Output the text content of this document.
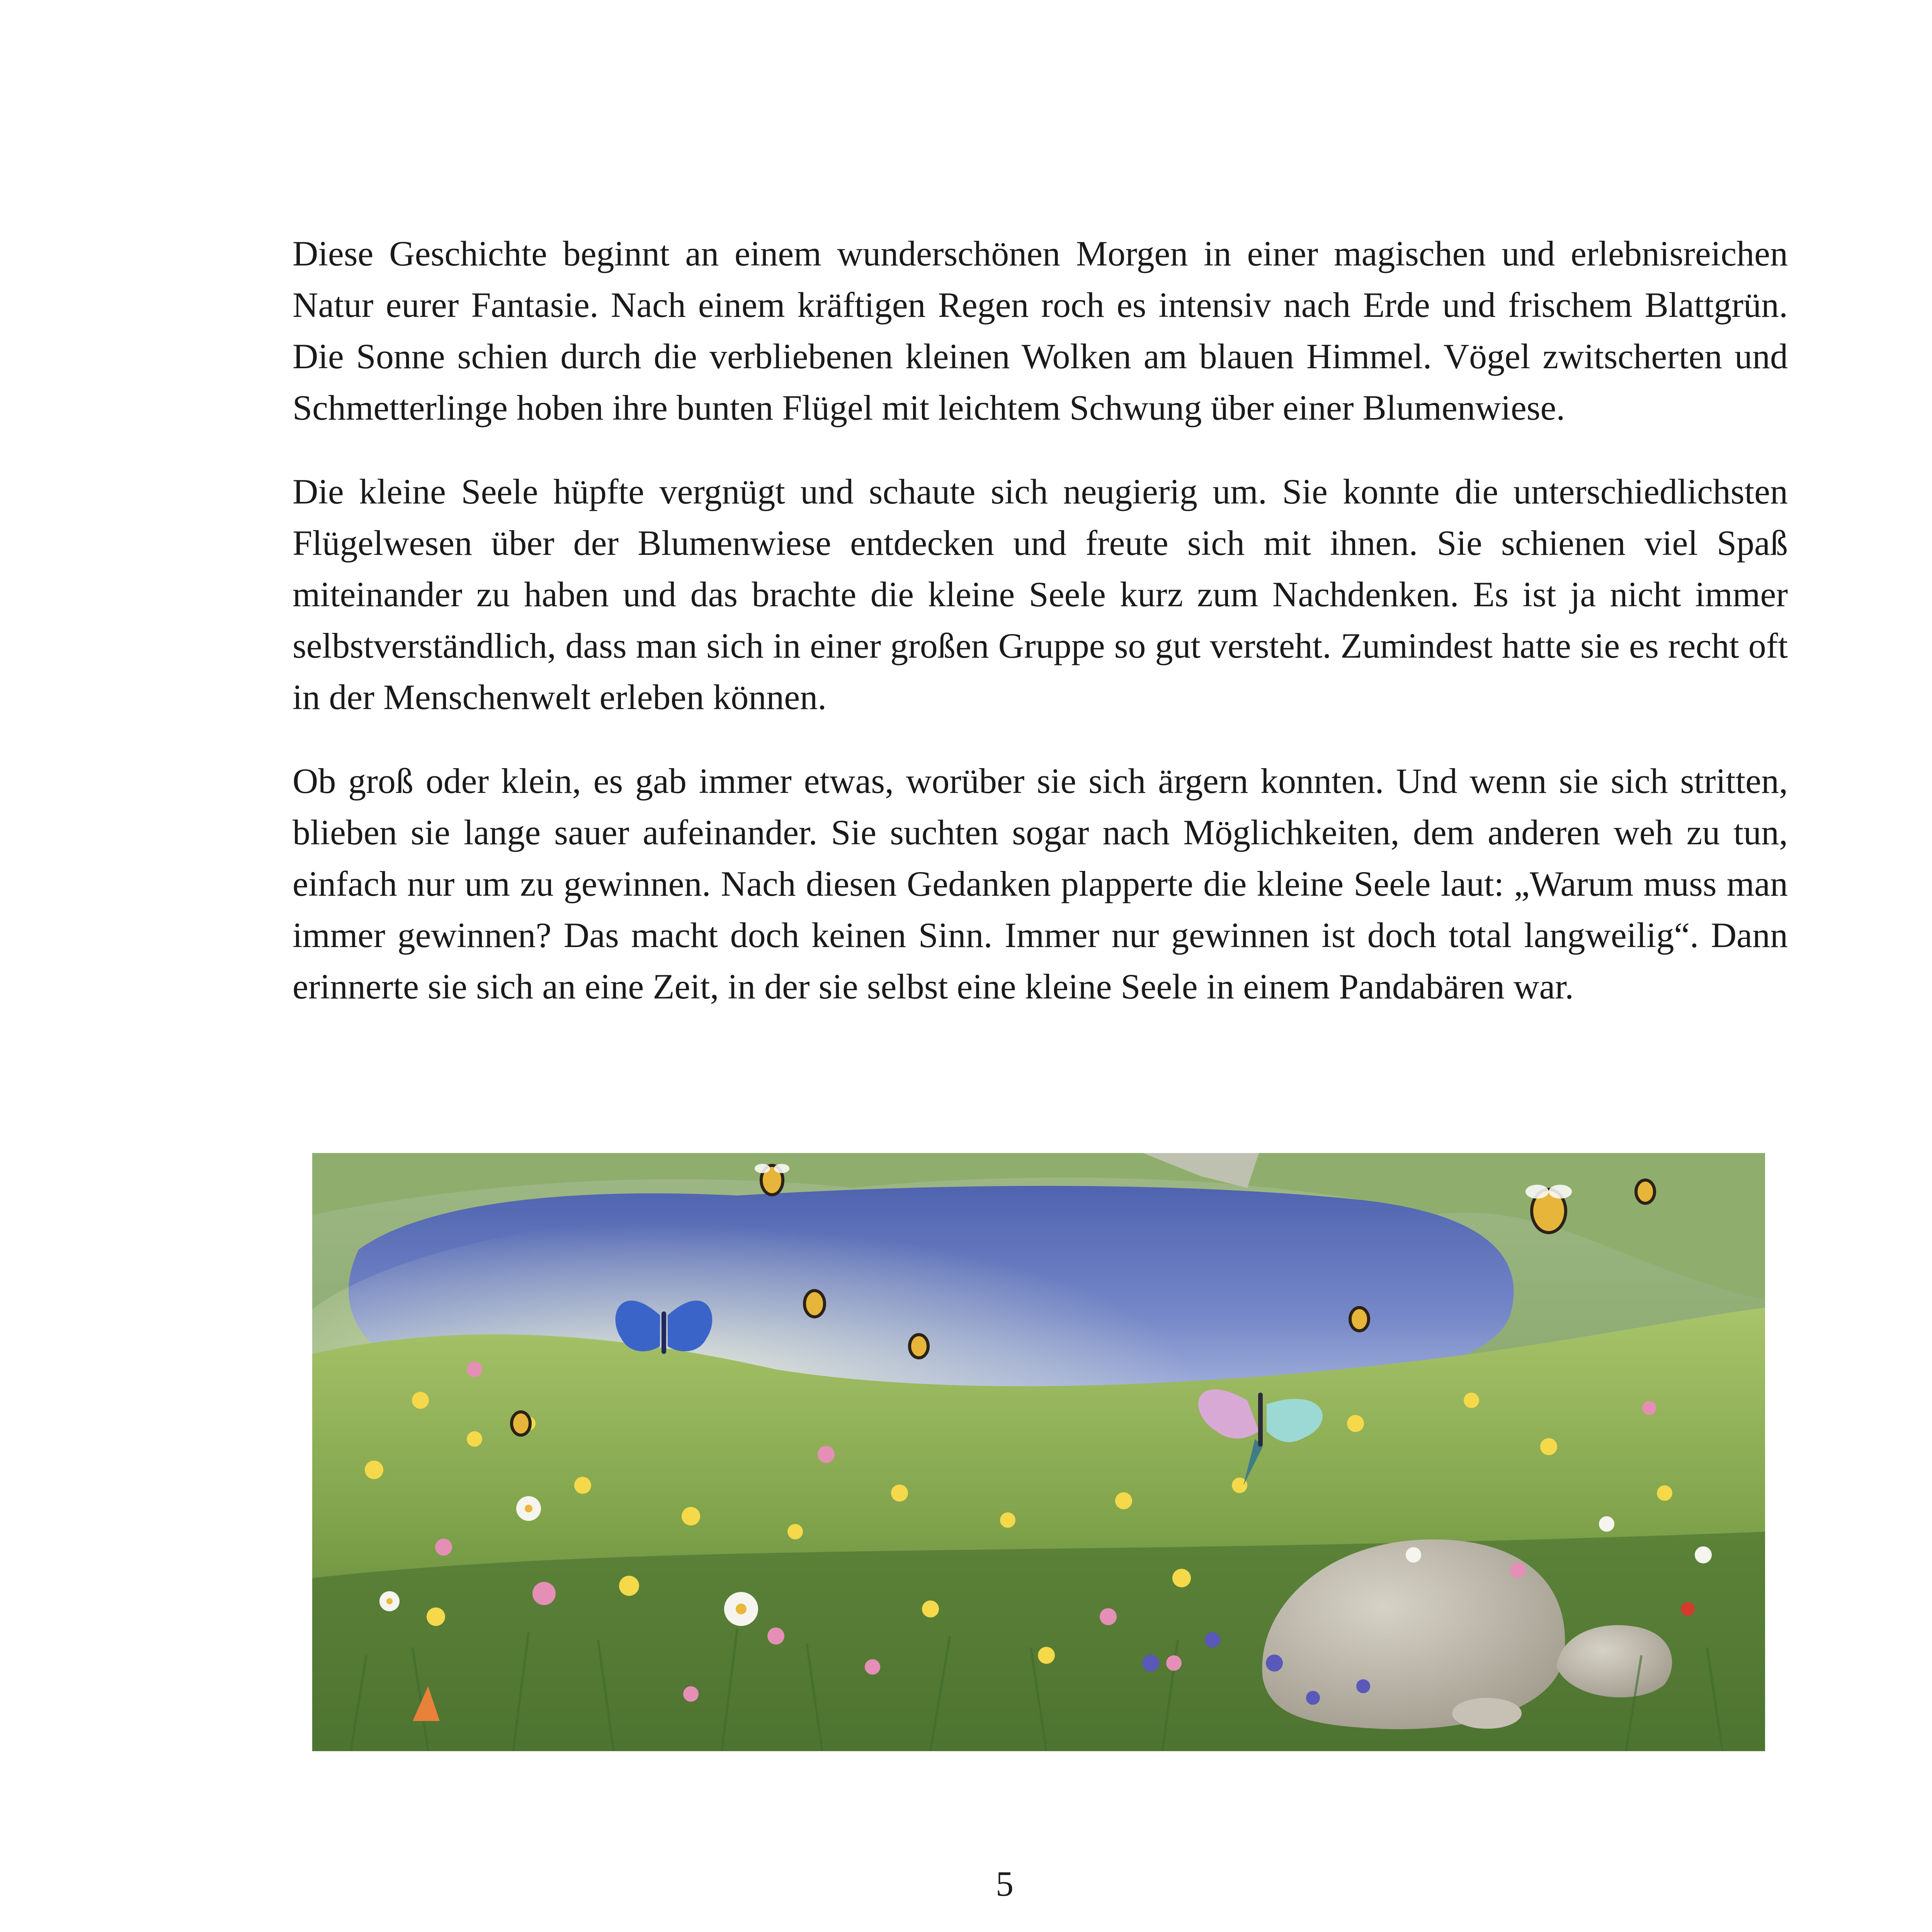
Diese Geschichte beginnt an einem wunderschönen Morgen in einer magischen und erlebnisreichen Natur eurer Fantasie. Nach einem kräftigen Regen roch es intensiv nach Erde und frischem Blattgrün. Die Sonne schien durch die verbliebenen kleinen Wolken am blauen Himmel. Vögel zwitscherten und Schmetterlinge hoben ihre bunten Flügel mit leichtem Schwung über einer Blumenwiese.

Die kleine Seele hüpfte vergnügt und schaute sich neugierig um. Sie konnte die unterschiedlichsten Flügelwesen über der Blumenwiese entdecken und freute sich mit ihnen. Sie schienen viel Spaß miteinander zu haben und das brachte die kleine Seele kurz zum Nachdenken. Es ist ja nicht immer selbstverständlich, dass man sich in einer großen Gruppe so gut versteht. Zumindest hatte sie es recht oft in der Menschenwelt erleben können.

Ob groß oder klein, es gab immer etwas, worüber sie sich ärgern konnten. Und wenn sie sich stritten, blieben sie lange sauer aufeinander. Sie suchten sogar nach Möglichkeiten, dem anderen weh zu tun, einfach nur um zu gewinnen. Nach diesen Gedanken plapperte die kleine Seele laut: „Warum muss man immer gewinnen? Das macht doch keinen Sinn. Immer nur gewinnen ist doch total langweilig“. Dann erinnerte sie sich an eine Zeit, in der sie selbst eine kleine Seele in einem Pandabären war.

5
